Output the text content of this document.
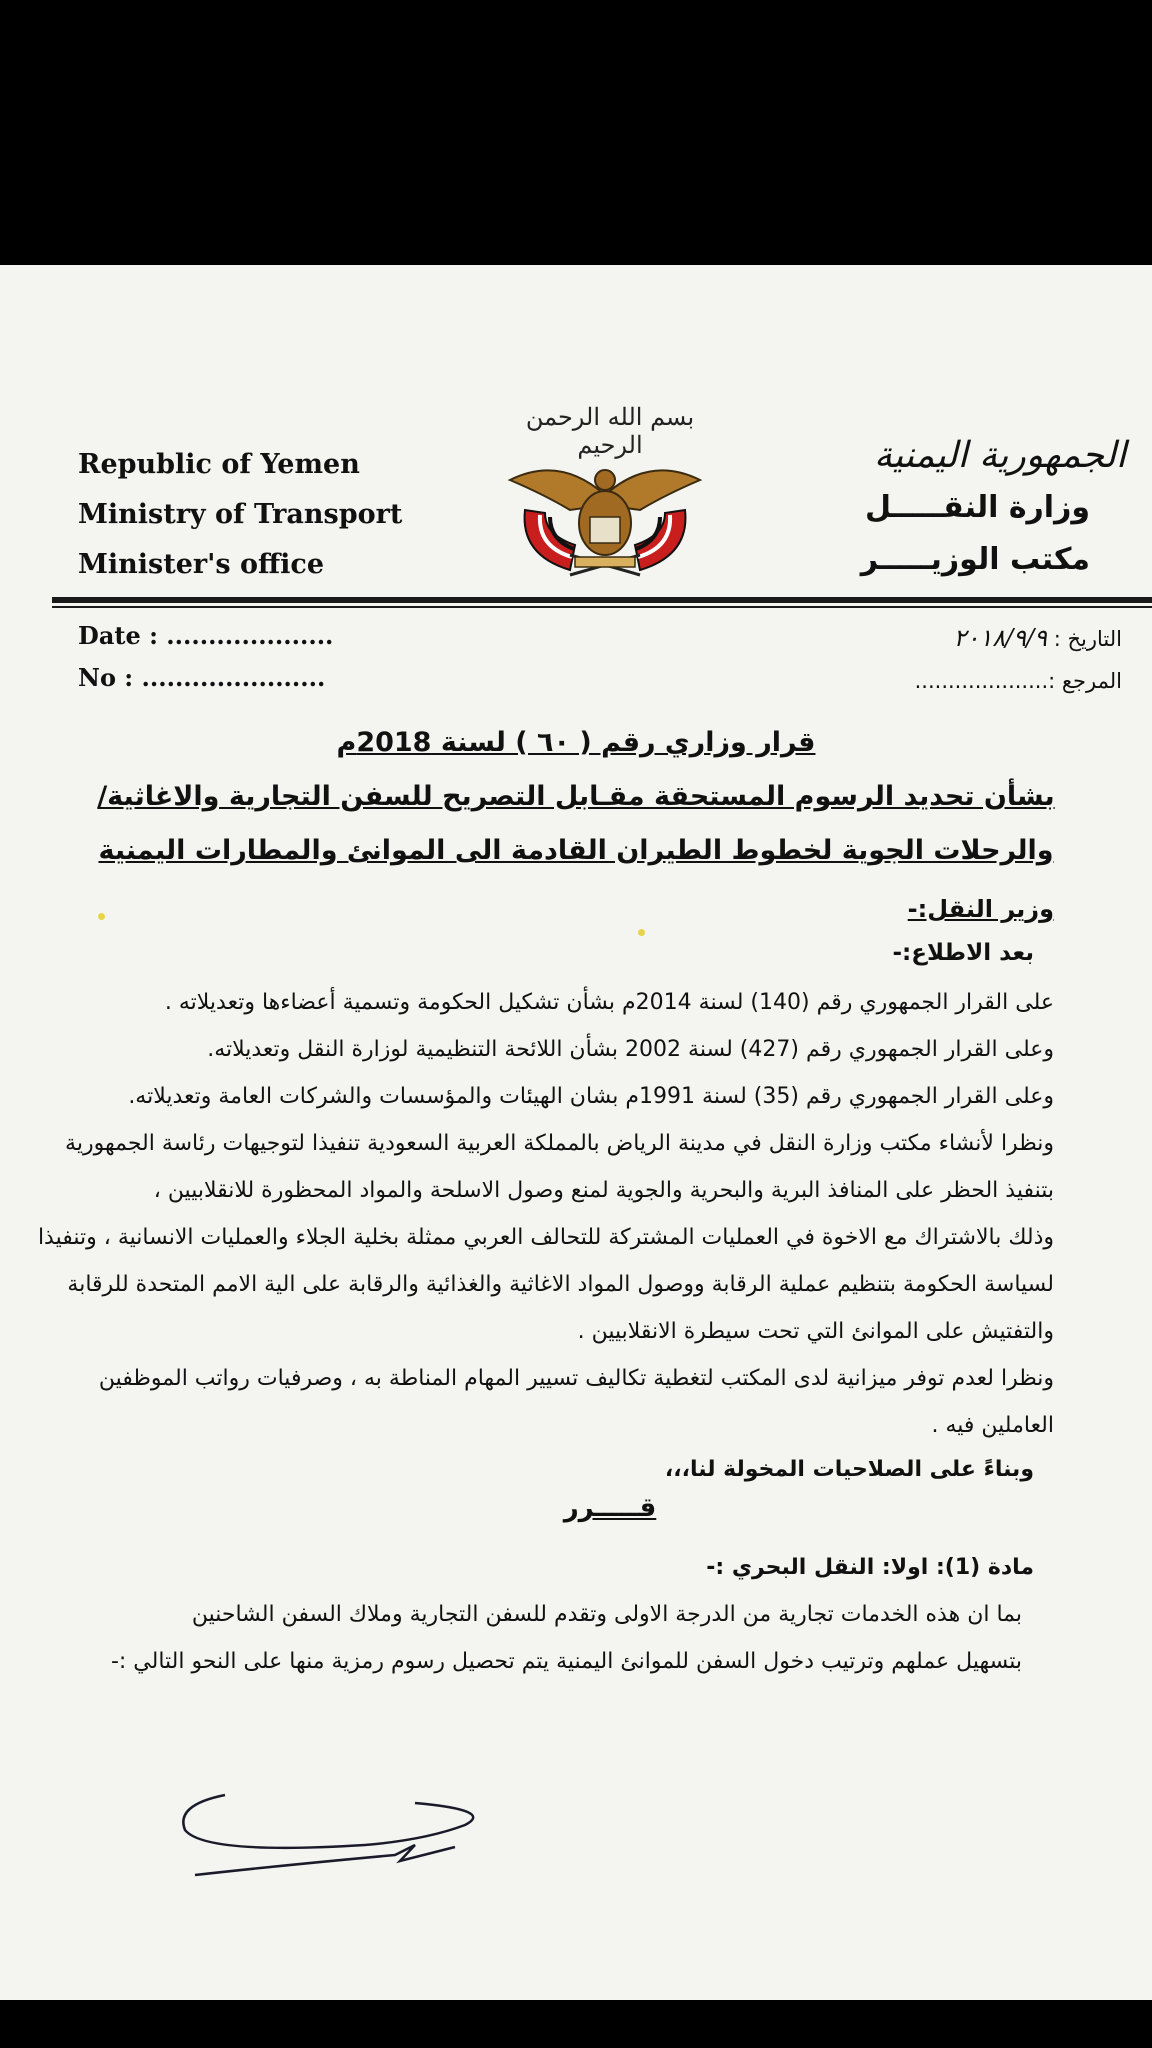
Republic of Yemen
Ministry of Transport
Minister's office
بسم الله الرحمن الرحيم	الجمهورية اليمنية
وزارة النقـــــل
مكتب الوزيـــــر
Date : ....................
No : ......................
التاريخ : ٢٠١٨/٩/٩
المرجع :....................
قرار وزاري رقم ( ٦٠ ) لسنة 2018م
بشأن تحديد الرسوم المستحقة مقـابل التصريح للسفن التجارية والاغاثية/
والرحلات الجوية لخطوط الطيران القادمة الى الموانئ والمطارات اليمنية
وزير النقل:-
بعد الاطلاع:-
على القرار الجمهوري رقم (140) لسنة 2014م بشأن تشكيل الحكومة وتسمية أعضاءها وتعديلاته .
وعلى القرار الجمهوري رقم (427) لسنة 2002 بشأن اللائحة التنظيمية لوزارة النقل وتعديلاته.
وعلى القرار الجمهوري رقم (35) لسنة 1991م بشان الهيئات والمؤسسات والشركات العامة وتعديلاته.
ونظرا لأنشاء مكتب وزارة النقل في مدينة الرياض بالمملكة العربية السعودية تنفيذا لتوجيهات رئاسة الجمهورية
بتنفيذ الحظر على المنافذ البرية والبحرية والجوية لمنع وصول الاسلحة والمواد المحظورة للانقلابيين ،
وذلك بالاشتراك مع الاخوة في العمليات المشتركة للتحالف العربي ممثلة بخلية الجلاء والعمليات الانسانية ، وتنفيذا
لسياسة الحكومة بتنظيم عملية الرقابة ووصول المواد الاغاثية والغذائية والرقابة على الية الامم المتحدة للرقابة
والتفتيش على الموانئ التي تحت سيطرة الانقلابيين .
ونظرا لعدم توفر ميزانية لدى المكتب لتغطية تكاليف تسيير المهام المناطة به ، وصرفيات رواتب الموظفين
العاملين فيه .
وبناءً على الصلاحيات المخولة لنا،،،
قـــــرر
مادة (1): اولا: النقل البحري :-
بما ان هذه الخدمات تجارية من الدرجة الاولى وتقدم للسفن التجارية وملاك السفن الشاحنين
بتسهيل عملهم وترتيب دخول السفن للموانئ اليمنية يتم تحصيل رسوم رمزية منها على النحو التالي :-
